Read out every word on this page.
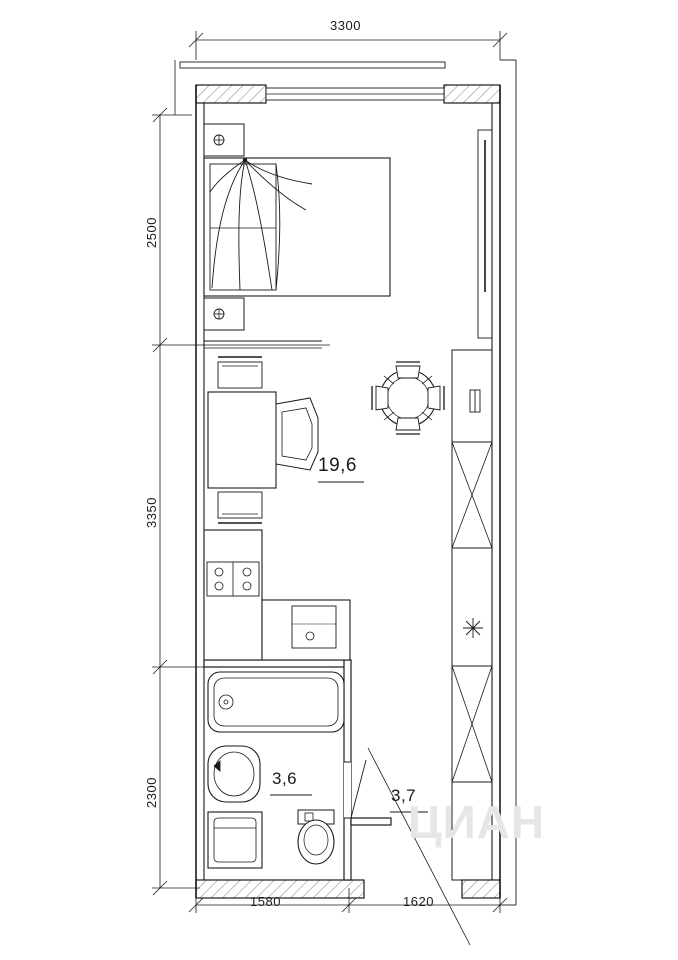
3300
2500
3350
2300
1580	1620
19,6
3,6
3,7
ЦИАН
